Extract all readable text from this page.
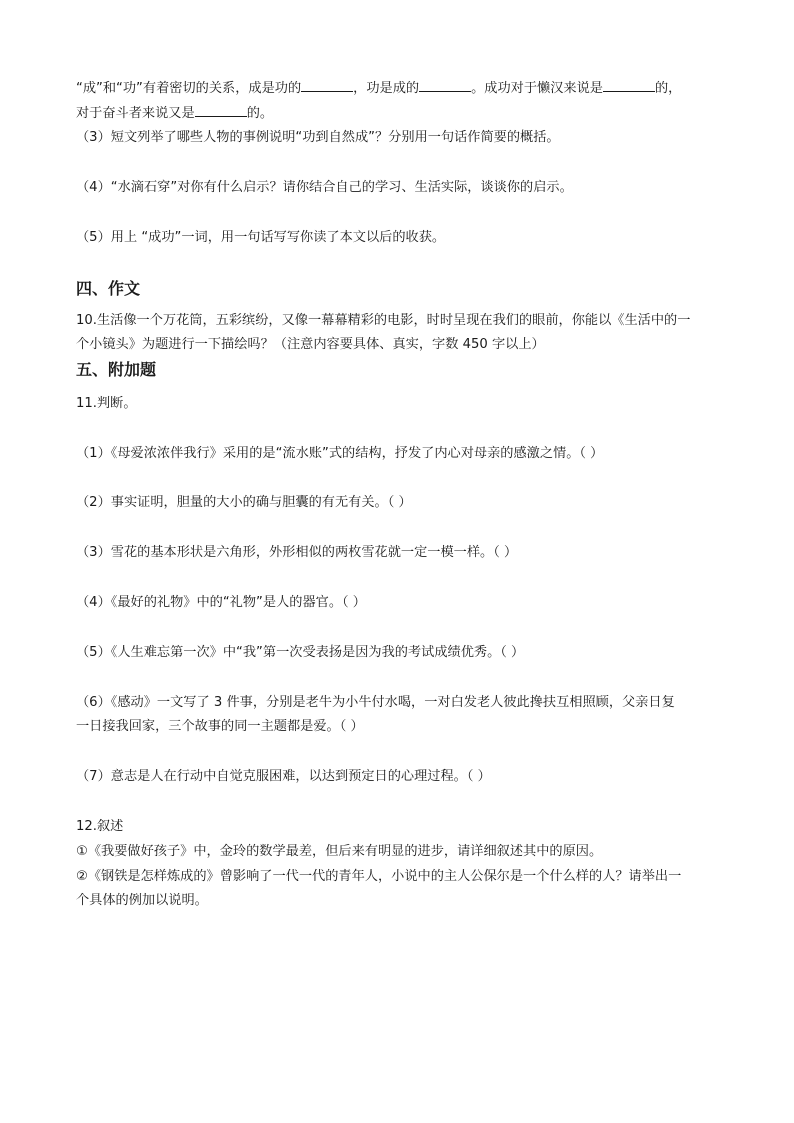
“成”和“功”有着密切的关系，成是功的	，功是成的	。成功对于懒汉来说是	的，
对于奋斗者来说又是	的。
（3）短文列举了哪些人物的事例说明“功到自然成”？分别用一句话作简要的概括。
（4）“水滴石穿”对你有什么启示？请你结合自己的学习、生活实际，谈谈你的启示。
（5）用上 “成功”一词，用一句话写写你读了本文以后的收获。
四、作文
10.生活像一个万花筒，五彩缤纷，又像一幕幕精彩的电影，时时呈现在我们的眼前，你能以《生活中的一
个小镜头》为题进行一下描绘吗？（注意内容要具体、真实，字数 450 字以上）
五、附加题
11.判断。
（1）《母爱浓浓伴我行》采用的是“流水账”式的结构，抒发了内心对母亲的感激之情。（ ）
（2）事实证明，胆量的大小的确与胆囊的有无有关。（ ）
（3）雪花的基本形状是六角形，外形相似的两枚雪花就一定一模一样。（ ）
（4）《最好的礼物》中的“礼物”是人的器官。（ ）
（5）《人生难忘第一次》中“我”第一次受表扬是因为我的考试成绩优秀。（ ）
（6）《感动》一文写了 3 件事，分别是老牛为小牛付水喝，一对白发老人彼此搀扶互相照顾，父亲日复
一日接我回家，三个故事的同一主题都是爱。（ ）
（7）意志是人在行动中自觉克服困难，以达到预定日的心理过程。（ ）
12.叙述
①《我要做好孩子》中，金玲的数学最差，但后来有明显的进步，请详细叙述其中的原因。
②《钢铁是怎样炼成的》曾影响了一代一代的青年人，小说中的主人公保尔是一个什么样的人？请举出一
个具体的例加以说明。
